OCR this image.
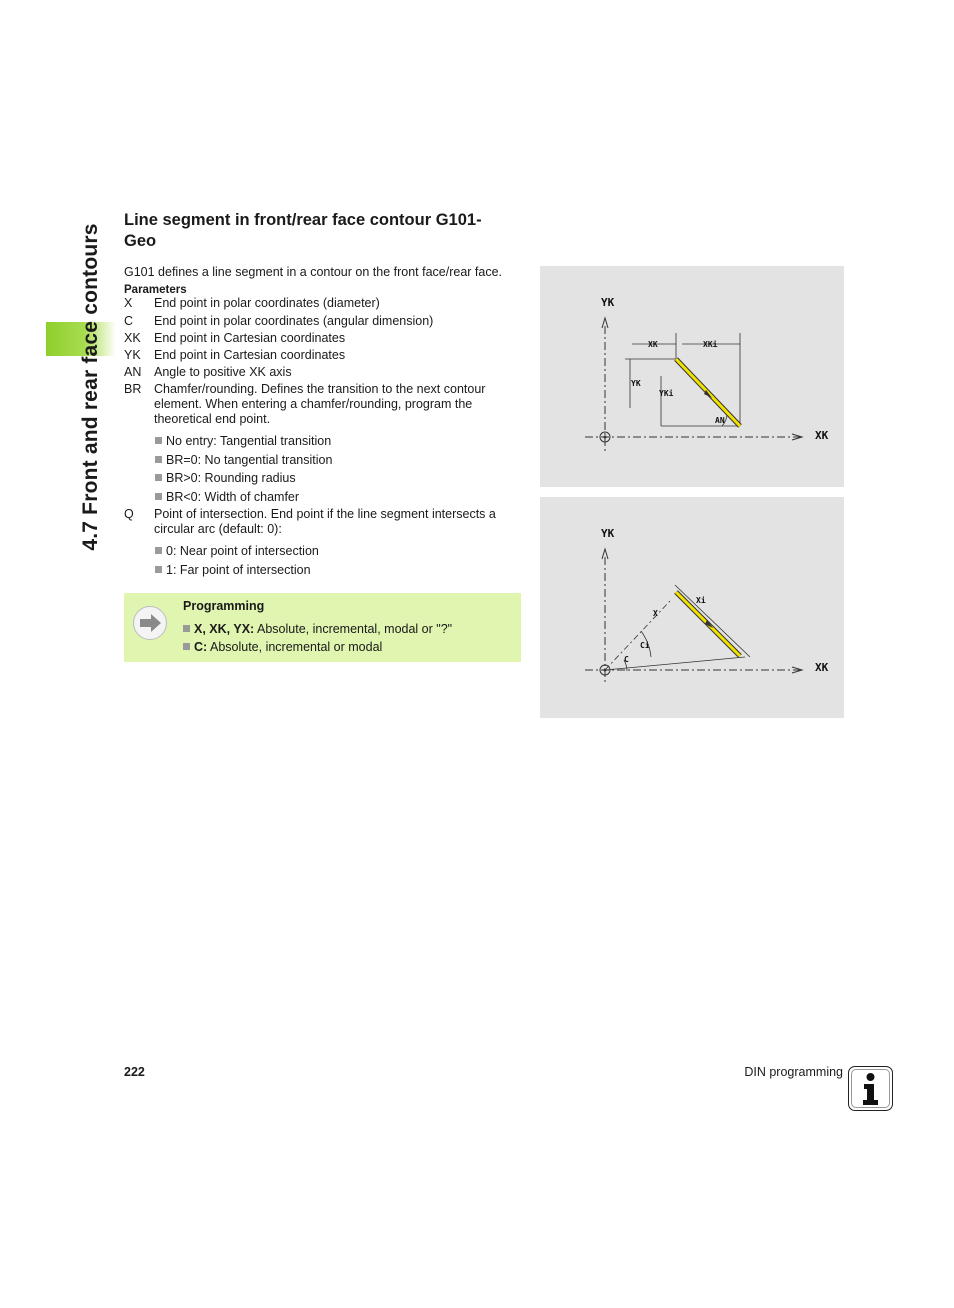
4.7 Front and rear face contours
Line segment in front/rear face contour G101-
Geo
G101 defines a line segment in a contour on the front face/rear face.
Parameters
X	End point in polar coordinates (diameter)
C	End point in polar coordinates (angular dimension)
XK	End point in Cartesian coordinates
YK	End point in Cartesian coordinates
AN	Angle to positive XK axis
BR	Chamfer/rounding. Defines the transition to the next contour
element. When entering a chamfer/rounding, program the
theoretical end point.
No entry: Tangential transition
BR=0: No tangential transition
BR>0: Rounding radius
BR<0: Width of chamfer
Q	Point of intersection. End point if the line segment intersects a
circular arc (default: 0):
0: Near point of intersection
1: Far point of intersection
Programming
X, XK, YX: Absolute, incremental, modal or "?"
C: Absolute, incremental or modal
YK
XK
XK	XKi
YK
YKi
AN
YK
XK
X
Xi
Ci
C
222	DIN programming
